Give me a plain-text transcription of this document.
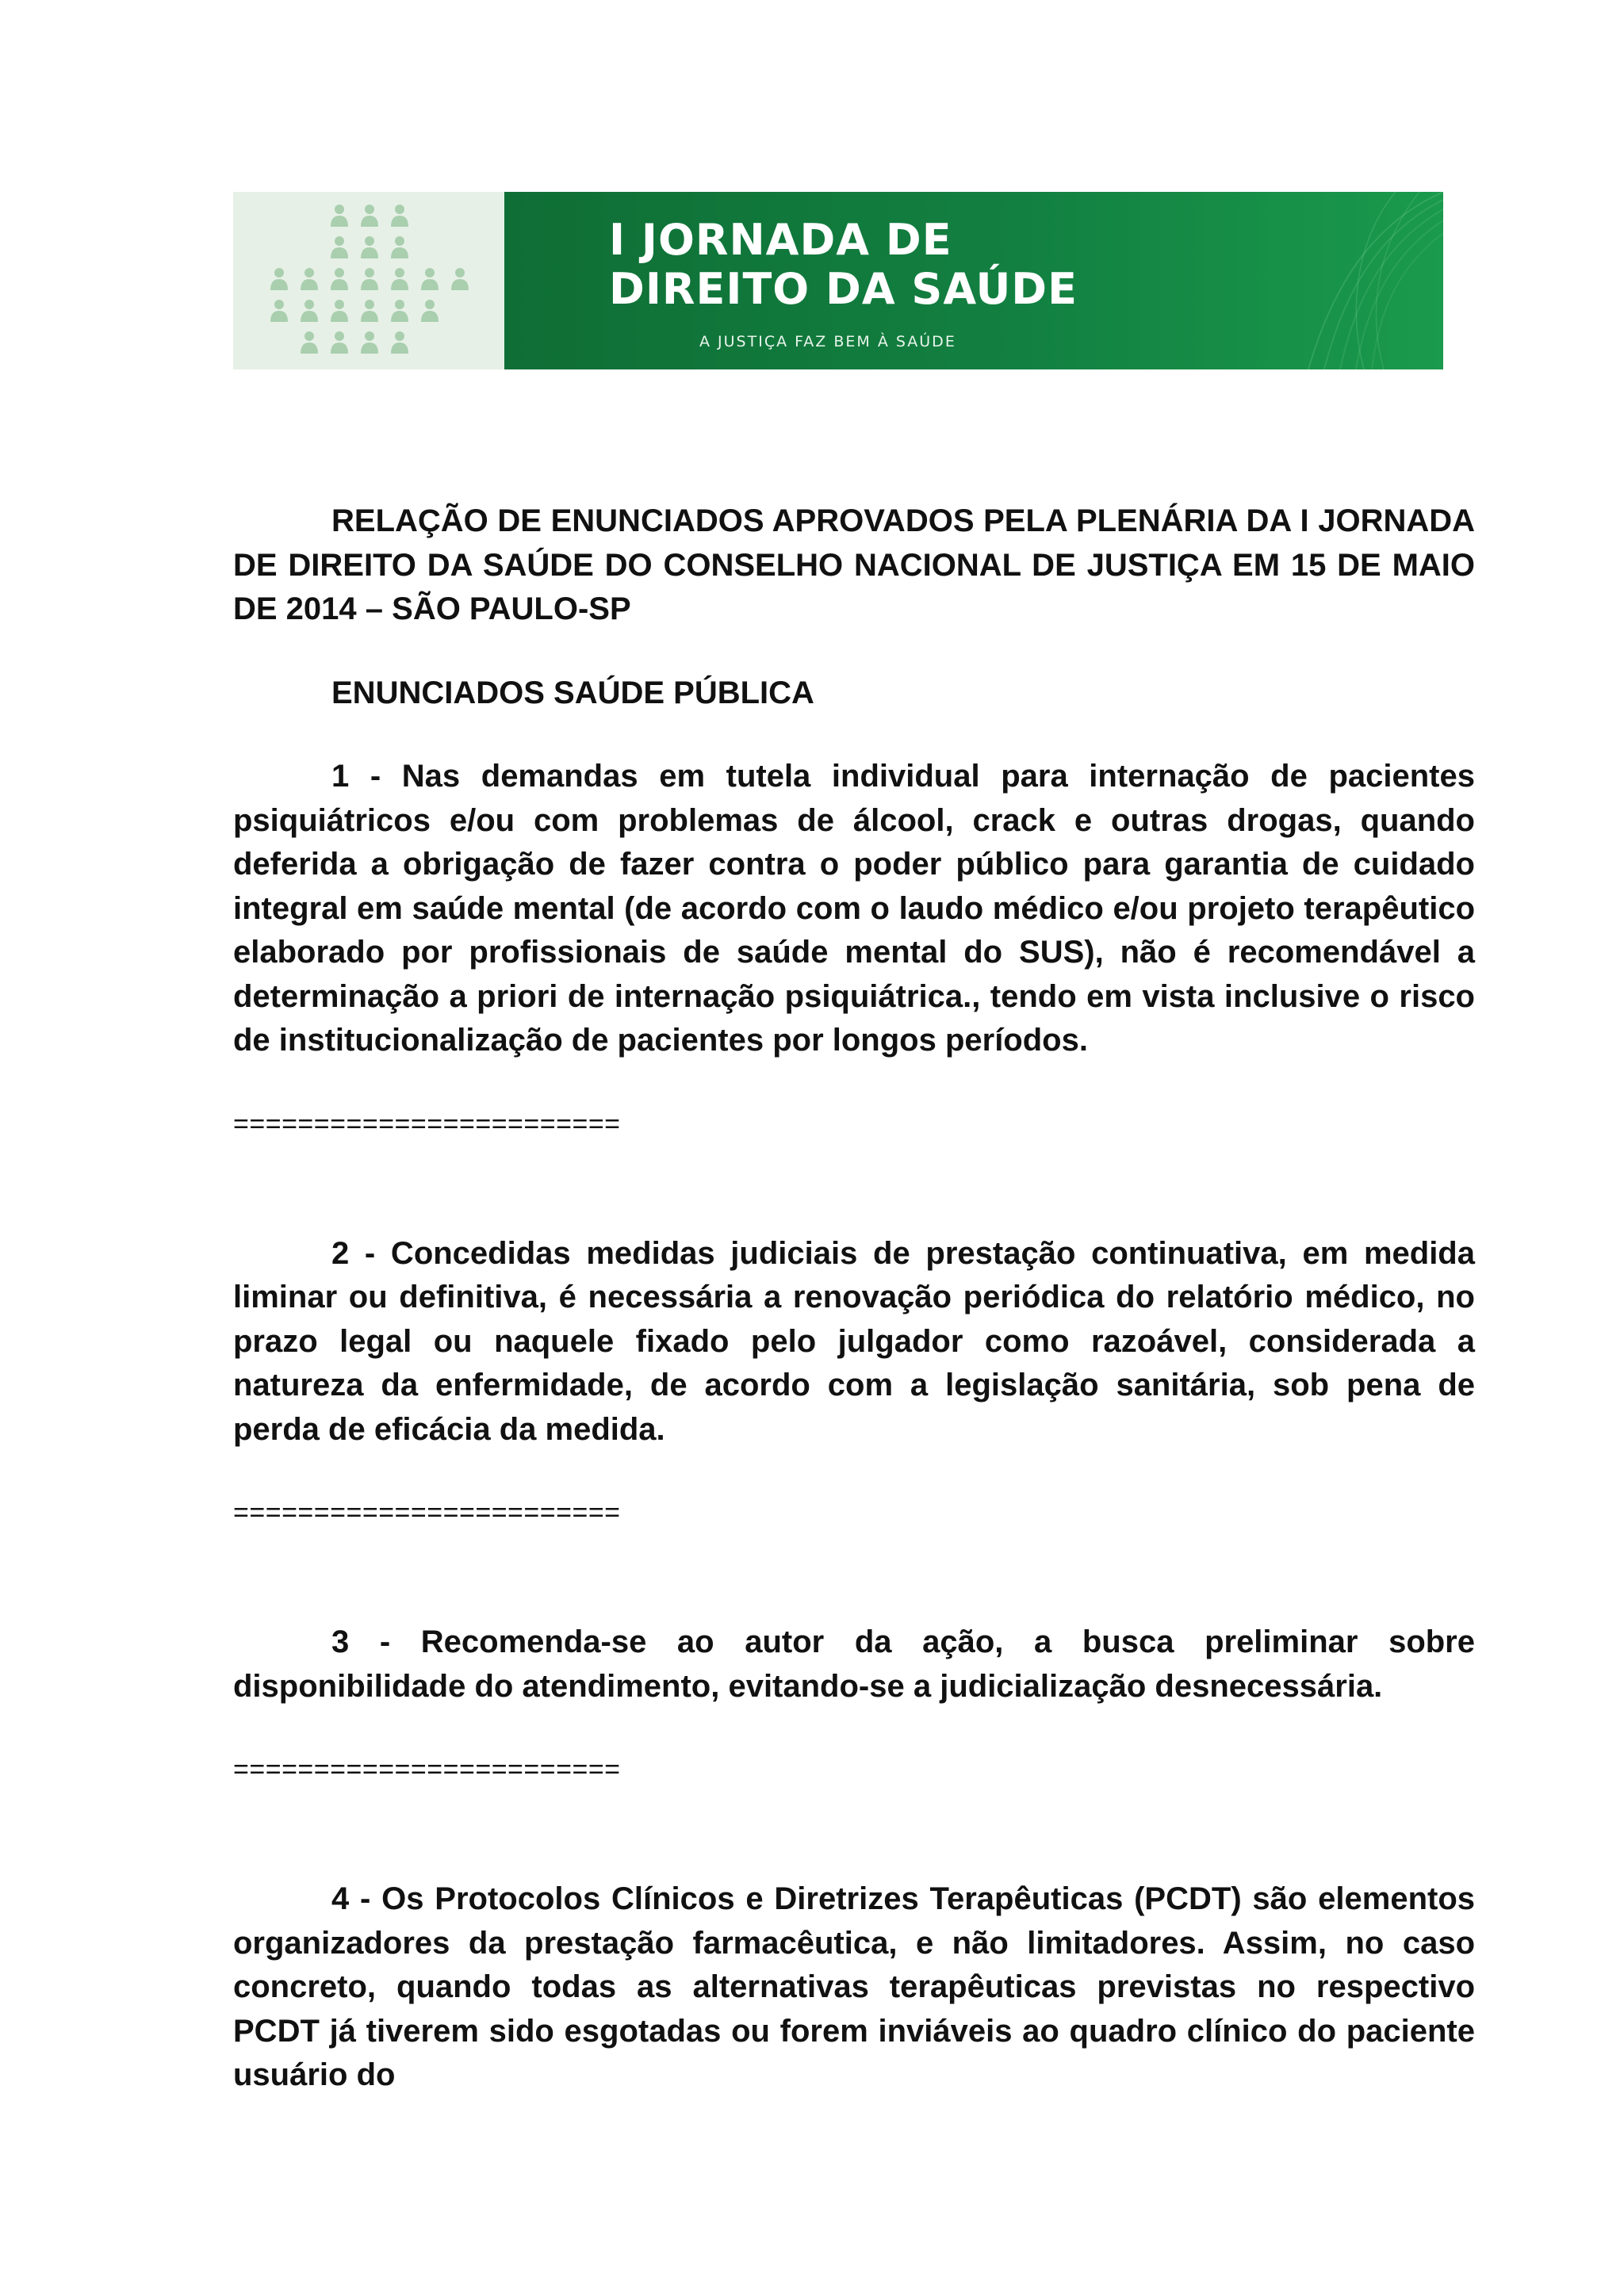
I JORNADA DE
DIREITO DA SAÚDE

A JUSTIÇA FAZ BEM À SAÚDE

RELAÇÃO DE ENUNCIADOS APROVADOS PELA PLENÁRIA DA I JORNADA DE DIREITO DA SAÚDE DO CONSELHO NACIONAL DE JUSTIÇA EM 15 DE MAIO DE 2014 – SÃO PAULO-SP

ENUNCIADOS SAÚDE PÚBLICA

1 - Nas demandas em tutela individual para internação de pacientes psiquiátricos e/ou com problemas de álcool, crack e outras drogas, quando deferida a obrigação de fazer contra o poder público para garantia de cuidado integral em saúde mental (de acordo com o laudo médico e/ou projeto terapêutico elaborado por profissionais de saúde mental do SUS), não é recomendável a determinação a priori de internação psiquiátrica., tendo em vista inclusive o risco de institucionalização de pacientes por longos períodos.

========================

2 - Concedidas medidas judiciais de prestação continuativa, em medida liminar ou definitiva, é necessária a renovação periódica do relatório médico, no prazo legal ou naquele fixado pelo julgador como razoável, considerada a natureza da enfermidade, de acordo com a legislação sanitária, sob pena de perda de eficácia da medida.

========================

3 - Recomenda-se ao autor da ação, a busca preliminar sobre disponibilidade do atendimento, evitando-se a judicialização desnecessária.

========================

4 - Os Protocolos Clínicos e Diretrizes Terapêuticas (PCDT) são elementos organizadores da prestação farmacêutica, e não limitadores. Assim, no caso concreto, quando todas as alternativas terapêuticas previstas no respectivo PCDT já tiverem sido esgotadas ou forem inviáveis ao quadro clínico do paciente usuário do
